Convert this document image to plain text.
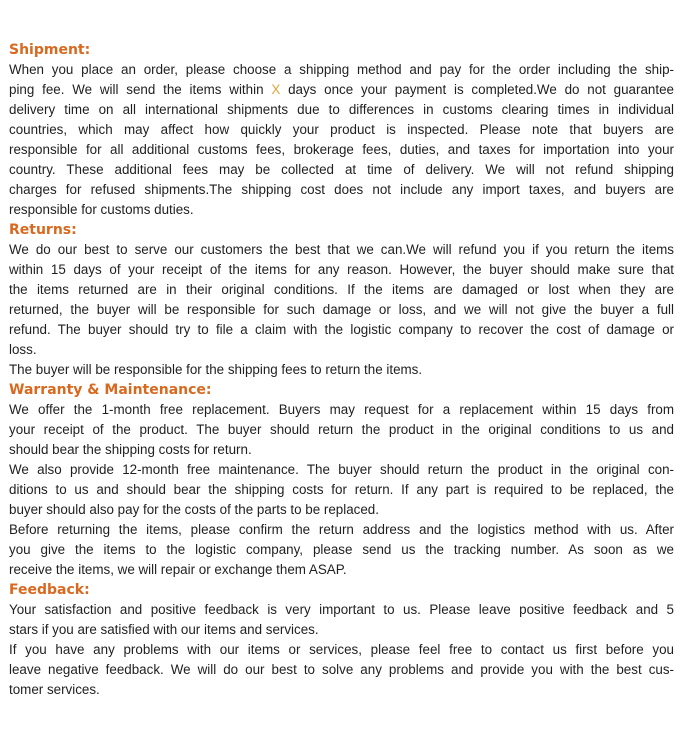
Shipment:
When you place an order, please choose a shipping method and pay for the order including the ship-
ping fee. We will send the items within X days once your payment is completed.We do not guarantee
delivery time on all international shipments due to differences in customs clearing times in individual
countries, which may affect how quickly your product is inspected. Please note that buyers are
responsible for all additional customs fees, brokerage fees, duties, and taxes for importation into your
country. These additional fees may be collected at time of delivery. We will not refund shipping
charges for refused shipments.The shipping cost does not include any import taxes, and buyers are
responsible for customs duties.
Returns:
We do our best to serve our customers the best that we can.We will refund you if you return the items
within 15 days of your receipt of the items for any reason. However, the buyer should make sure that
the items returned are in their original conditions. If the items are damaged or lost when they are
returned, the buyer will be responsible for such damage or loss, and we will not give the buyer a full
refund. The buyer should try to file a claim with the logistic company to recover the cost of damage or
loss.
The buyer will be responsible for the shipping fees to return the items.
Warranty & Maintenance:
We offer the 1-month free replacement. Buyers may request for a replacement within 15 days from
your receipt of the product. The buyer should return the product in the original conditions to us and
should bear the shipping costs for return.
We also provide 12-month free maintenance. The buyer should return the product in the original con-
ditions to us and should bear the shipping costs for return. If any part is required to be replaced, the
buyer should also pay for the costs of the parts to be replaced.
Before returning the items, please confirm the return address and the logistics method with us. After
you give the items to the logistic company, please send us the tracking number. As soon as we
receive the items, we will repair or exchange them ASAP.
Feedback:
Your satisfaction and positive feedback is very important to us. Please leave positive feedback and 5
stars if you are satisfied with our items and services.
If you have any problems with our items or services, please feel free to contact us first before you
leave negative feedback. We will do our best to solve any problems and provide you with the best cus-
tomer services.
